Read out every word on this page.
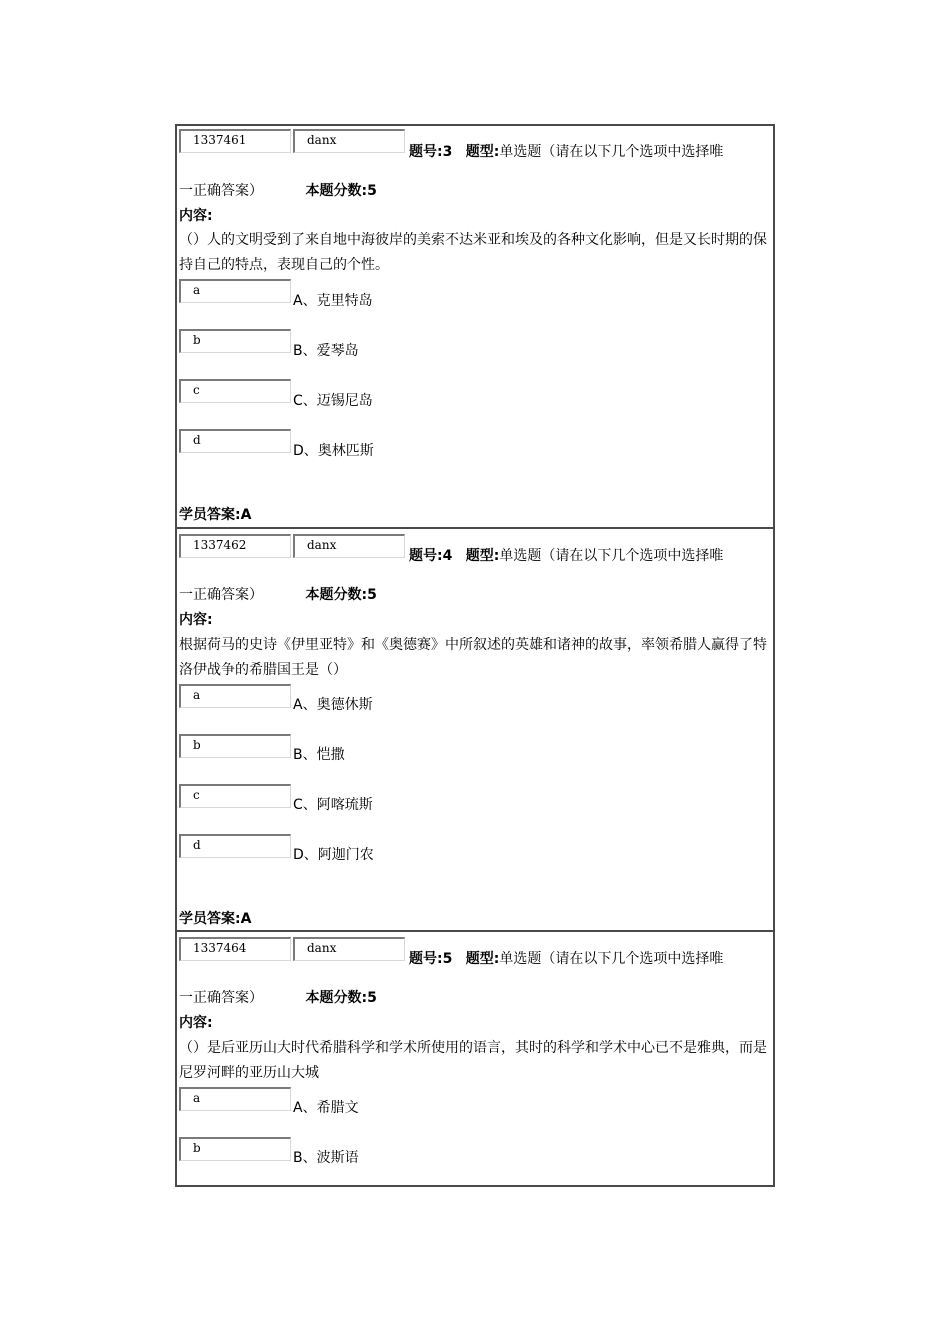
1337461	danx
题号:3 题型:单选题（请在以下几个选项中选择唯
一正确答案）	本题分数:5
内容:
（）人的文明受到了来自地中海彼岸的美索不达米亚和埃及的各种文化影响，但是又长时期的保持自己的特点，表现自己的个性。
a
A、克里特岛
b
B、爱琴岛
c
C、迈锡尼岛
d
D、奥林匹斯
学员答案:A
1337462	danx
题号:4 题型:单选题（请在以下几个选项中选择唯
一正确答案）	本题分数:5
内容:
根据荷马的史诗《伊里亚特》和《奥德赛》中所叙述的英雄和诸神的故事，率领希腊人赢得了特洛伊战争的希腊国王是（）
a
A、奥德休斯
b
B、恺撒
c
C、阿喀琉斯
d
D、阿迦门农
学员答案:A
1337464	danx
题号:5 题型:单选题（请在以下几个选项中选择唯
一正确答案）	本题分数:5
内容:
（）是后亚历山大时代希腊科学和学术所使用的语言，其时的科学和学术中心已不是雅典，而是尼罗河畔的亚历山大城
a
A、希腊文
b
B、波斯语
